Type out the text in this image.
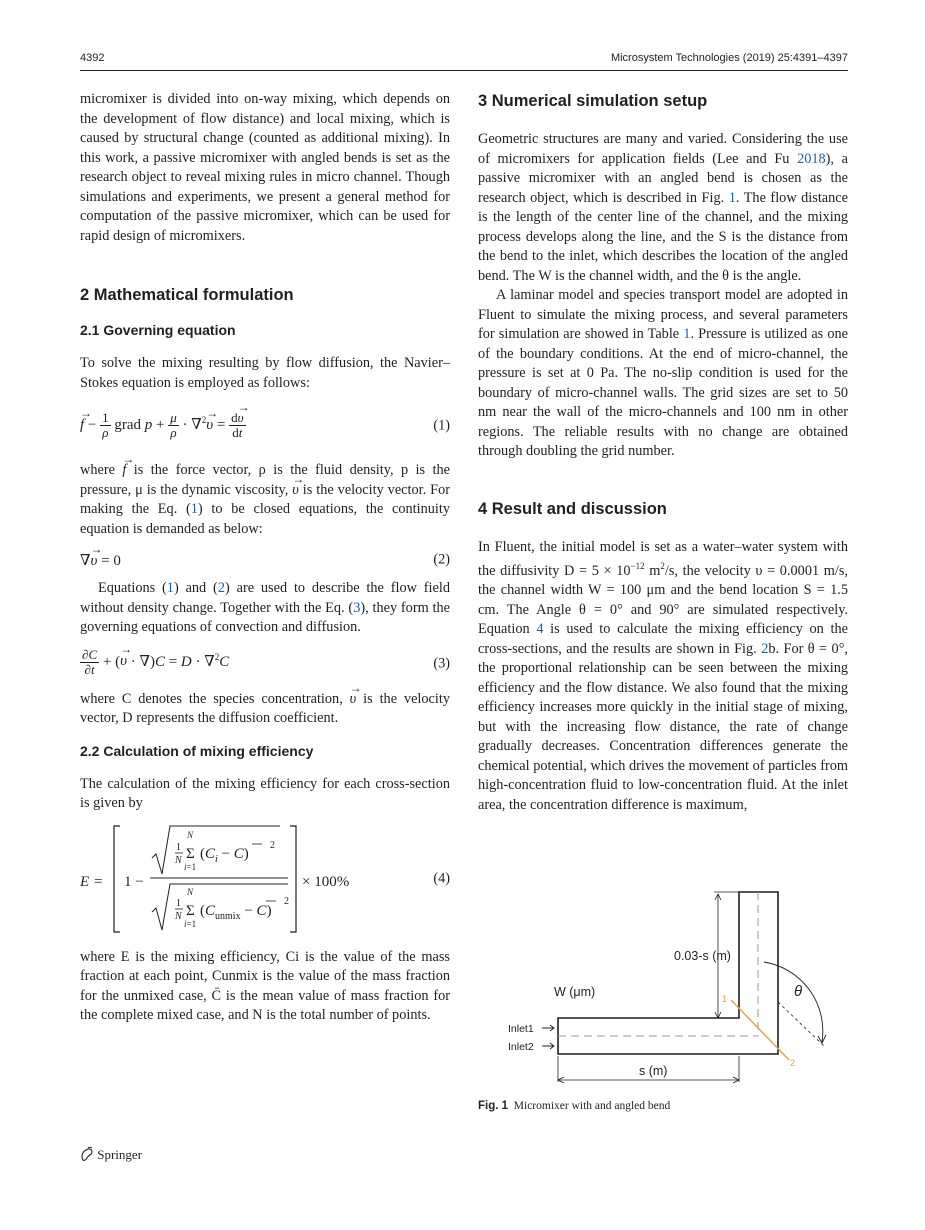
4392	Microsystem Technologies (2019) 25:4391–4397

micromixer is divided into on-way mixing, which depends on the development of flow distance) and local mixing, which is caused by structural change (counted as additional mixing). In this work, a passive micromixer with angled bends is set as the research object to reveal mixing rules in micro channel. Though simulations and experiments, we present a general method for computation of the passive micromixer, which can be used for rapid design of micromixers.

2 Mathematical formulation
2.1 Governing equation

To solve the mixing resulting by flow diffusion, the Navier–Stokes equation is employed as follows:

→ $f - \frac{1}{\rho}$ grad $p + \frac{\mu}{\rho} \cdot \nabla^2\to \upsilon = \frac{d\to \upsilon}{dt}$	(1)

where → f is the force vector, ρ is the fluid density, p is the pressure, μ is the dynamic viscosity, → υ is the velocity vector. For making the Eq. (1) to be closed equations, the continuity equation is demanded as below:

∇→ υ = 0	(2)

Equations (1) and (2) are used to describe the flow field without density change. Together with the Eq. (3), they form the governing equations of convection and diffusion.

$\frac{\partial C}{\partial t}$ + (→ υ · ∇)C = D · ∇$^2$C	(3)

where C denotes the species concentration, → υ is the velocity vector, D represents the diffusion coefficient.

2.2 Calculation of mixing efficiency

The calculation of the mixing efficiency for each cross-section is given by

E = 1 −
1
N
N
Σ
i=1
$(C_i - C)$
2
1
N
N
Σ
i=1
$(C_{unmix} - C)$
2
× 100%	(4)

where E is the mixing efficiency, Ci is the value of the mass fraction at each point, Cunmix is the value of the mass fraction for the unmixed case, C̄ is the mean value of mass fraction for the complete mixed case, and N is the total number of points.

3 Numerical simulation setup

Geometric structures are many and varied. Considering the use of micromixers for application fields (Lee and Fu 2018), a passive micromixer with an angled bend is chosen as the research object, which is described in Fig. 1. The flow distance is the length of the center line of the channel, and the mixing process develops along the line, and the S is the distance from the bend to the inlet, which describes the location of the angled bend. The W is the channel width, and the θ is the angle.

A laminar model and species transport model are adopted in Fluent to simulate the mixing process, and several parameters for simulation are showed in Table 1. Pressure is utilized as one of the boundary conditions. At the end of micro-channel, the pressure is set at 0 Pa. The no-slip condition is used for the boundary of micro-channel walls. The grid sizes are set to 50 nm near the wall of the micro-channels and 100 nm in other regions. The reliable results with no change are obtained through doubling the grid number.

4 Result and discussion

In Fluent, the initial model is set as a water–water system with the diffusivity $D = 5 \times 10^{-12}$ $m^2/s$, the velocity υ = 0.0001 m/s, the channel width W = 100 μm and the bend location S = 1.5 cm. The Angle θ = 0° and 90° are simulated respectively. Equation 4 is used to calculate the mixing efficiency on the cross-sections, and the results are shown in Fig. 2b. For θ = 0°, the proportional relationship can be seen between the mixing efficiency and the flow distance. We also found that the mixing efficiency increases more quickly in the initial stage of mixing, but with the increasing flow distance, the rate of change gradually decreases. Concentration differences generate the chemical potential, which drives the movement of particles from high-concentration fluid to low-concentration fluid. At the inlet area, the concentration difference is maximum,

1
2
0.03-s (m)
W (μm)	θ
Inlet1
Inlet2
s (m)
Fig. 1 Micromixer with and angled bend
Springer
